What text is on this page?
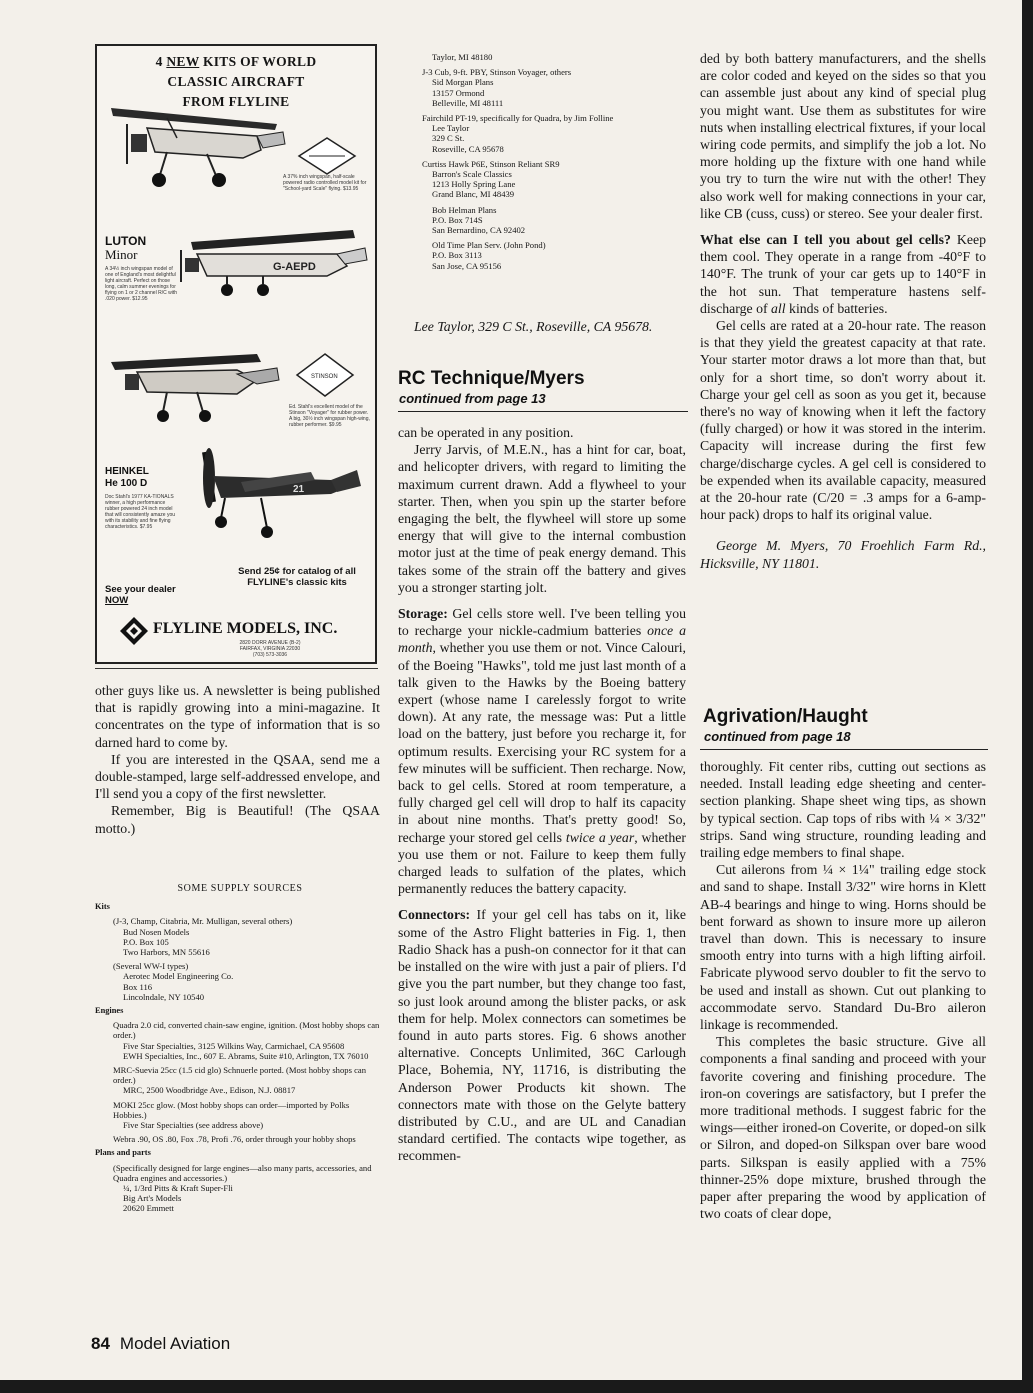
4 NEW KITS OF WORLD
CLASSIC AIRCRAFT
FROM FLYLINE
A 37% inch wingspan, half-scale powered radio controlled model kit for "School-yard Scale" flying. $13.95
LUTON
Minor
A 34½ inch wingspan model of one of England's most delightful light aircraft. Perfect on those long, calm summer evenings for flying on 1 or 2 channel R/C with .020 power. $12.95
G-AEPD
STINSON
Ed. Stahl's excellent model of the Stinson "Voyager" for rubber power. A big, 30½ inch wingspan high-wing, rubber performer. $9.95
HEINKEL
He 100 D
Doc Stahl's 1977 KA-TIONALS winner, a high performance rubber powered 24 inch model that will consistently amaze you with its stability and fine flying characteristics. $7.95
21
Send 25¢ for catalog of all FLYLINE's classic kits
See your dealer
NOW
FLYLINE MODELS, INC.
2820 DORR AVENUE (B-2)
FAIRFAX, VIRGINIA 22030
(703) 573-3036

other guys like us. A newsletter is being published that is rapidly growing into a mini-magazine. It concentrates on the type of information that is so darned hard to come by.

If you are interested in the QSAA, send me a double-stamped, large self-addressed envelope, and I'll send you a copy of the first newsletter.

Remember, Big is Beautiful! (The QSAA motto.)

SOME SUPPLY SOURCES
Kits
(J-3, Champ, Citabria, Mr. Mulligan, several others)
Bud Nosen Models
P.O. Box 105
Two Harbors, MN 55616
(Several WW-I types)
Aerotec Model Engineering Co.
Box 116
Lincolndale, NY 10540
Engines
Quadra 2.0 cid, converted chain-saw engine, ignition. (Most hobby shops can order.)
Five Star Specialties, 3125 Wilkins Way, Carmichael, CA 95608
EWH Specialties, Inc., 607 E. Abrams, Suite #10, Arlington, TX 76010
MRC-Suevia 25cc (1.5 cid glo) Schnuerle ported. (Most hobby shops can order.)
MRC, 2500 Woodbridge Ave., Edison, N.J. 08817
MOKI 25cc glow. (Most hobby shops can order—imported by Polks Hobbies.)
Five Star Specialties (see address above)
Webra .90, OS .80, Fox .78, Profi .76, order through your hobby shops
Plans and parts
(Specifically designed for large engines—also many parts, accessories, and Quadra engines and accessories.)
¼, 1/3rd Pitts & Kraft Super-Fli
Big Art's Models
20620 Emmett
Taylor, MI 48180
J-3 Cub, 9-ft. PBY, Stinson Voyager, others
Sid Morgan Plans
13157 Ormond
Belleville, MI 48111
Fairchild PT-19, specifically for Quadra, by Jim Folline
Lee Taylor
329 C St.
Roseville, CA 95678
Curtiss Hawk P6E, Stinson Reliant SR9
Barron's Scale Classics
1213 Holly Spring Lane
Grand Blanc, MI 48439
Bob Helman Plans
P.O. Box 714S
San Bernardino, CA 92402
Old Time Plan Serv. (John Pond)
P.O. Box 3113
San Jose, CA 95156

Lee Taylor, 329 C St., Roseville, CA 95678.

RC Technique/Myers
continued from page 13

can be operated in any position.

Jerry Jarvis, of M.E.N., has a hint for car, boat, and helicopter drivers, with regard to limiting the maximum current drawn. Add a flywheel to your starter. Then, when you spin up the starter before engaging the belt, the flywheel will store up some energy that will give to the internal combustion motor just at the time of peak energy demand. This takes some of the strain off the battery and gives you a stronger starting jolt.

Storage: Gel cells store well. I've been telling you to recharge your nickle-cadmium batteries once a month, whether you use them or not. Vince Calouri, of the Boeing "Hawks", told me just last month of a talk given to the Hawks by the Boeing battery expert (whose name I carelessly forgot to write down). At any rate, the message was: Put a little load on the battery, just before you recharge it, for optimum results. Exercising your RC system for a few minutes will be sufficient. Then recharge. Now, back to gel cells. Stored at room temperature, a fully charged gel cell will drop to half its capacity in about nine months. That's pretty good! So, recharge your stored gel cells twice a year, whether you use them or not. Failure to keep them fully charged leads to sulfation of the plates, which permanently reduces the battery capacity.

Connectors: If your gel cell has tabs on it, like some of the Astro Flight batteries in Fig. 1, then Radio Shack has a push-on connector for it that can be installed on the wire with just a pair of pliers. I'd give you the part number, but they change too fast, so just look around among the blister packs, or ask them for help. Molex connectors can sometimes be found in auto parts stores. Fig. 6 shows another alternative. Concepts Unlimited, 36C Carlough Place, Bohemia, NY, 11716, is distributing the Anderson Power Products kit shown. The connectors mate with those on the Gelyte battery distributed by C.U., and are UL and Canadian standard certified. The contacts wipe together, as recommen-

ded by both battery manufacturers, and the shells are color coded and keyed on the sides so that you can assemble just about any kind of special plug you might want. Use them as substitutes for wire nuts when installing electrical fixtures, if your local wiring code permits, and simplify the job a lot. No more holding up the fixture with one hand while you try to turn the wire nut with the other! They also work well for making connections in your car, like CB (cuss, cuss) or stereo. See your dealer first.

What else can I tell you about gel cells? Keep them cool. They operate in a range from -40°F to 140°F. The trunk of your car gets up to 140°F in the hot sun. That temperature hastens self-discharge of all kinds of batteries.

Gel cells are rated at a 20-hour rate. The reason is that they yield the greatest capacity at that rate. Your starter motor draws a lot more than that, but only for a short time, so don't worry about it. Charge your gel cell as soon as you get it, because there's no way of knowing when it left the factory (fully charged) or how it was stored in the interim. Capacity will increase during the first few charge/discharge cycles. A gel cell is considered to be expended when its available capacity, measured at the 20-hour rate (C/20 = .3 amps for a 6-amp-hour pack) drops to half its original value.

George M. Myers, 70 Froehlich Farm Rd., Hicksville, NY 11801.

Agrivation/Haught
continued from page 18

thoroughly. Fit center ribs, cutting out sections as needed. Install leading edge sheeting and center-section planking. Shape sheet wing tips, as shown by typical section. Cap tops of ribs with ¼ × 3/32" strips. Sand wing structure, rounding leading and trailing edge members to final shape.

Cut ailerons from ¼ × 1¼" trailing edge stock and sand to shape. Install 3/32" wire horns in Klett AB-4 bearings and hinge to wing. Horns should be bent forward as shown to insure more up aileron travel than down. This is necessary to insure smooth entry into turns with a high lifting airfoil. Fabricate plywood servo doubler to fit the servo to be used and install as shown. Cut out planking to accommodate servo. Standard Du-Bro aileron linkage is recommended.

This completes the basic structure. Give all components a final sanding and proceed with your favorite covering and finishing procedure. The iron-on coverings are satisfactory, but I prefer the more traditional methods. I suggest fabric for the wings—either ironed-on Coverite, or doped-on silk or Silron, and doped-on Silkspan over bare wood parts. Silkspan is easily applied with a 75% thinner-25% dope mixture, brushed through the paper after preparing the wood by application of two coats of clear dope,

84 Model Aviation
